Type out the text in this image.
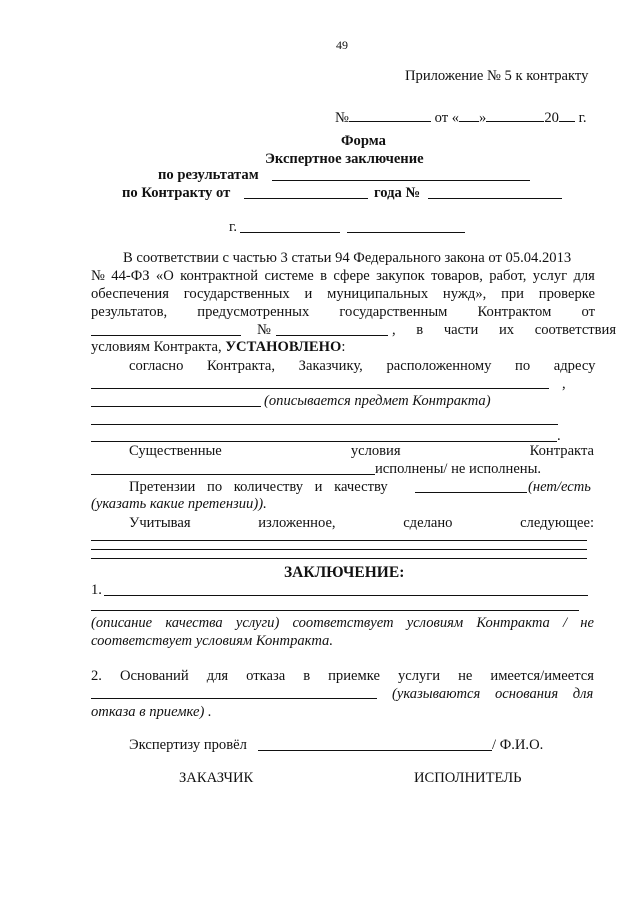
49
Приложение № 5 к контракту
№	от « »	20 г.
Форма
Экспертное заключение
по результатам
по Контракту от	года №
г.
В соответствии с частью 3 статьи 94 Федерального закона от 05.04.2013
№ 44-ФЗ «О контрактной системе в сфере закупок товаров, работ, услуг для
обеспечения государственных и муниципальных нужд», при проверке
результатов, предусмотренных государственным Контрактом от
№	, в части их соответствия
условиям Контракта, УСТАНОВЛЕНО:
согласно Контракта, Заказчику, расположенному по адресу
,
(описывается предмет Контракта)
.
Существенные	условия	Контракта
исполнены/ не исполнены.
Претензии по количеству и качеству	(нет/есть
(указать какие претензии)).
Учитывая	изложенное,	сделано	следующее:
ЗАКЛЮЧЕНИЕ:
1.
(описание качества услуги) соответствует условиям Контракта / не
соответствует условиям Контракта.
2. Оснований для отказа в приемке услуги не имеется/имеется
(указываются основания для
отказа в приемке) .
Экспертизу провёл	/ Ф.И.О.
ЗАКАЗЧИК	ИСПОЛНИТЕЛЬ
